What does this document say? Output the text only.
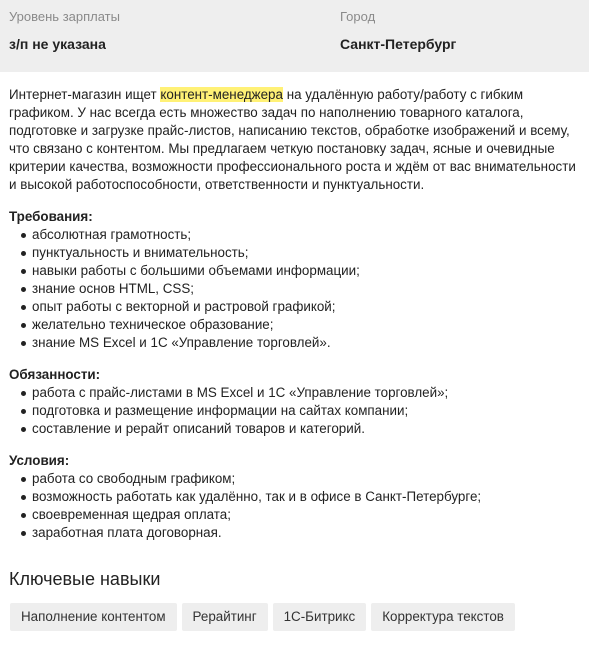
Уровень зарплаты
з/п не указана
Город
Санкт-Петербург

Интернет-магазин ищет контент-менеджера на удалённую работу/работу с гибким графиком. У нас всегда есть множество задач по наполнению товарного каталога, подготовке и загрузке прайс-листов, написанию текстов, обработке изображений и всему, что связано с контентом. Мы предлагаем четкую постановку задач, ясные и очевидные критерии качества, возможности профессионального роста и ждём от вас внимательности и высокой работоспособности, ответственности и пунктуальности.

Требования:

абсолютная грамотность;
пунктуальность и внимательность;
навыки работы с большими объемами информации;
знание основ HTML, CSS;
опыт работы с векторной и растровой графикой;
желательно техническое образование;
знание MS Excel и 1С «Управление торговлей».

Обязанности:

работа с прайс-листами в MS Excel и 1С «Управление торговлей»;
подготовка и размещение информации на сайтах компании;
составление и рерайт описаний товаров и категорий.

Условия:

работа со свободным графиком;
возможность работать как удалённо, так и в офисе в Санкт-Петербурге;
своевременная щедрая оплата;
заработная плата договорная.
Ключевые навыки
Наполнение контентом	Рерайтинг	1С-Битрикс	Корректура текстов
